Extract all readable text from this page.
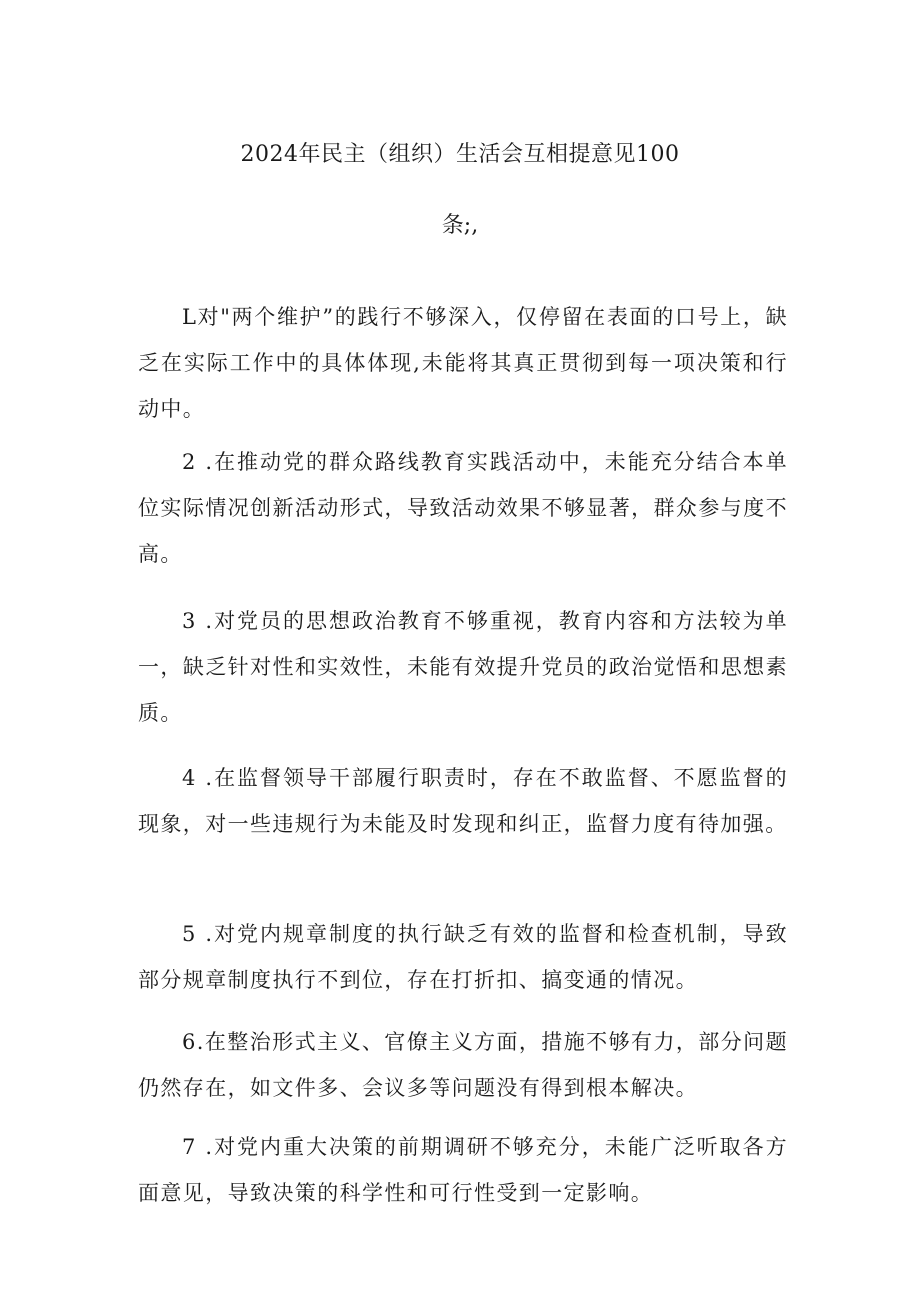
2024年民主（组织）生活会互相提意见100
条;,

L对"两个维护”的践行不够深入，仅停留在表面的口号上，缺乏在实际工作中的具体体现,未能将其真正贯彻到每一项决策和行动中。

2 .在推动党的群众路线教育实践活动中，未能充分结合本单位实际情况创新活动形式，导致活动效果不够显著，群众参与度不高。

3 .对党员的思想政治教育不够重视，教育内容和方法较为单一，缺乏针对性和实效性，未能有效提升党员的政治觉悟和思想素质。

4 .在监督领导干部履行职责时，存在不敢监督、不愿监督的现象，对一些违规行为未能及时发现和纠正，监督力度有待加强。

5 .对党内规章制度的执行缺乏有效的监督和检查机制，导致部分规章制度执行不到位，存在打折扣、搞变通的情况。

6.在整治形式主义、官僚主义方面，措施不够有力，部分问题仍然存在，如文件多、会议多等问题没有得到根本解决。

7 .对党内重大决策的前期调研不够充分，未能广泛听取各方面意见，导致决策的科学性和可行性受到一定影响。
